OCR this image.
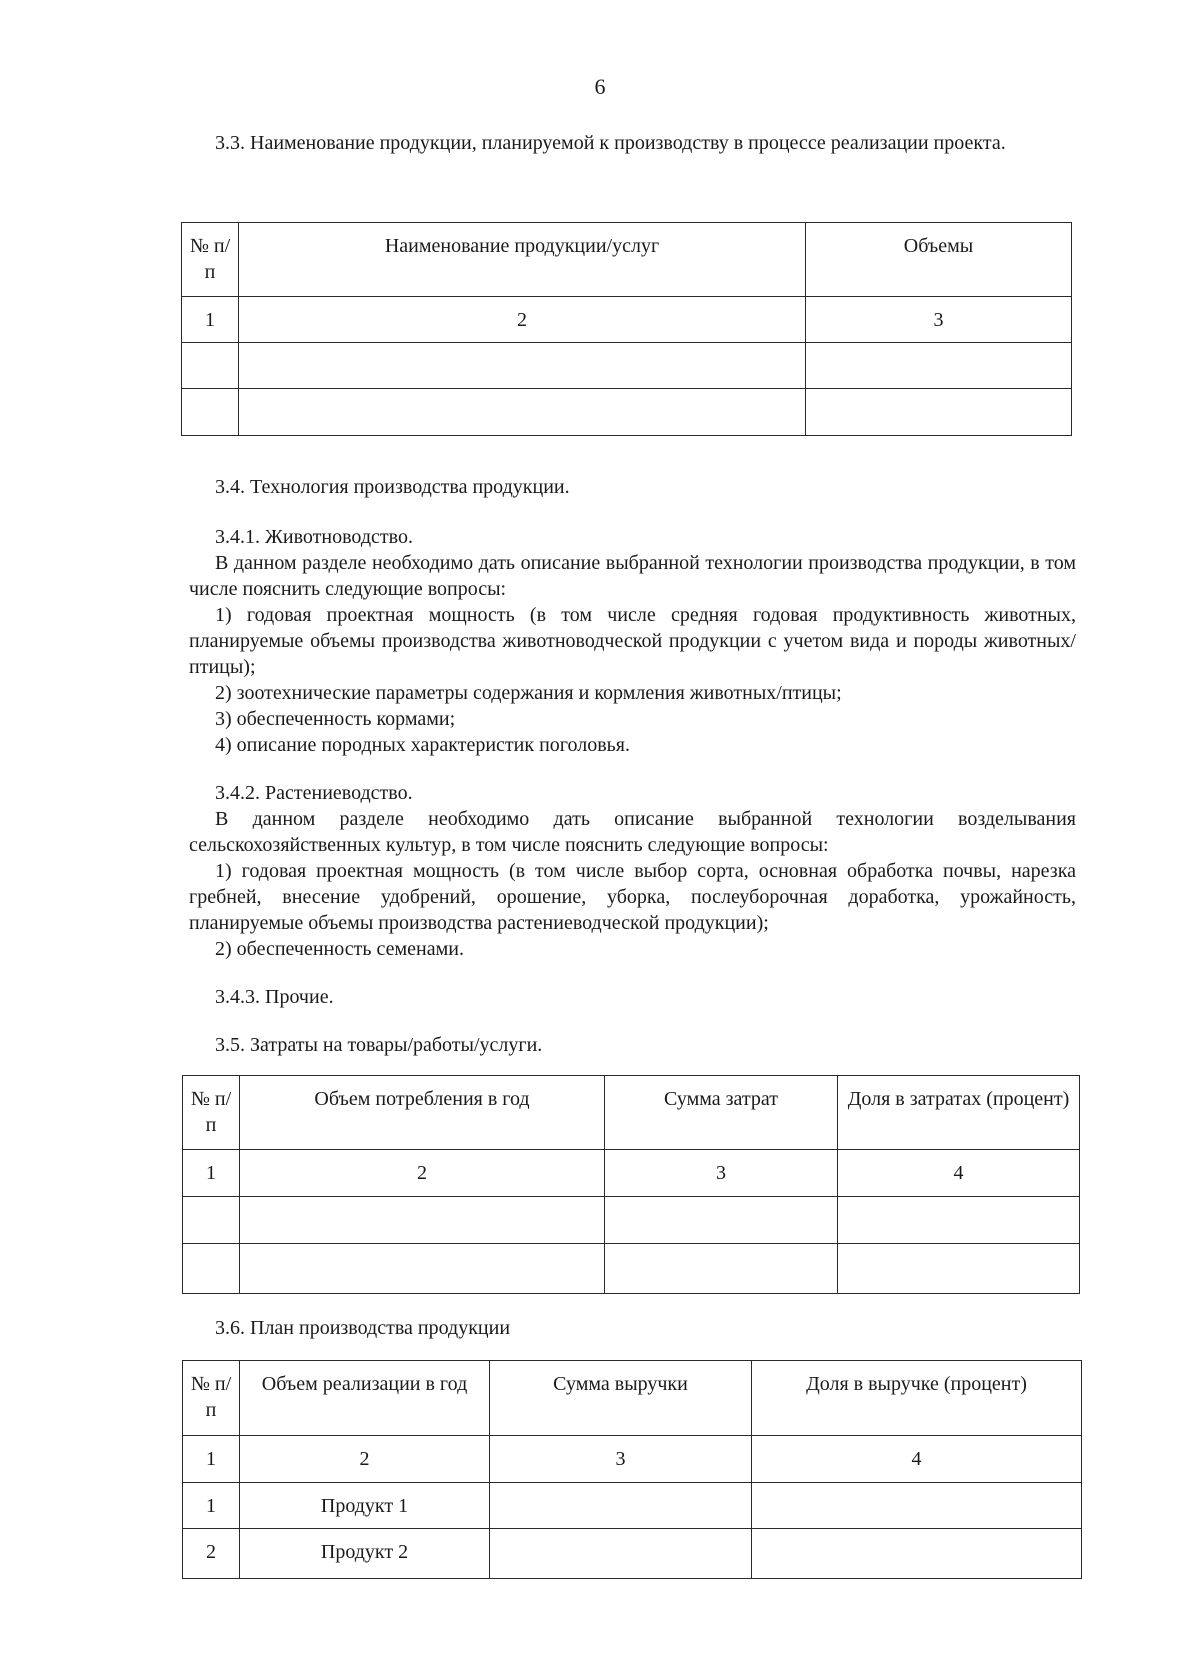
6

3.3. Наименование продукции, планируемой к производству в процессе реализации проекта.

№ п/п	Наименование продукции/услуг	Объемы
1	2	3

3.4. Технология производства продукции.

3.4.1. Животноводство.

В данном разделе необходимо дать описание выбранной технологии производства продукции, в том числе пояснить следующие вопросы:

1) годовая проектная мощность (в том числе средняя годовая продуктивность животных, планируемые объемы производства животноводческой продукции с учетом вида и породы животных/птицы);

2) зоотехнические параметры содержания и кормления животных/птицы;

3) обеспеченность кормами;

4) описание породных характеристик поголовья.

3.4.2. Растениеводство.

В данном разделе необходимо дать описание выбранной технологии возделывания сельскохозяйственных культур, в том числе пояснить следующие вопросы:

1) годовая проектная мощность (в том числе выбор сорта, основная обработка почвы, нарезка гребней, внесение удобрений, орошение, уборка, послеуборочная доработка, урожайность, планируемые объемы производства растениеводческой продукции);

2) обеспеченность семенами.

3.4.3. Прочие.

3.5. Затраты на товары/работы/услуги.

№ п/п	Объем потребления в год	Сумма затрат	Доля в затратах (процент)
1	2	3	4

3.6. План производства продукции

№ п/п	Объем реализации в год	Сумма выручки	Доля в выручке (процент)
1	2	3	4
1	Продукт 1		
2	Продукт 2		
